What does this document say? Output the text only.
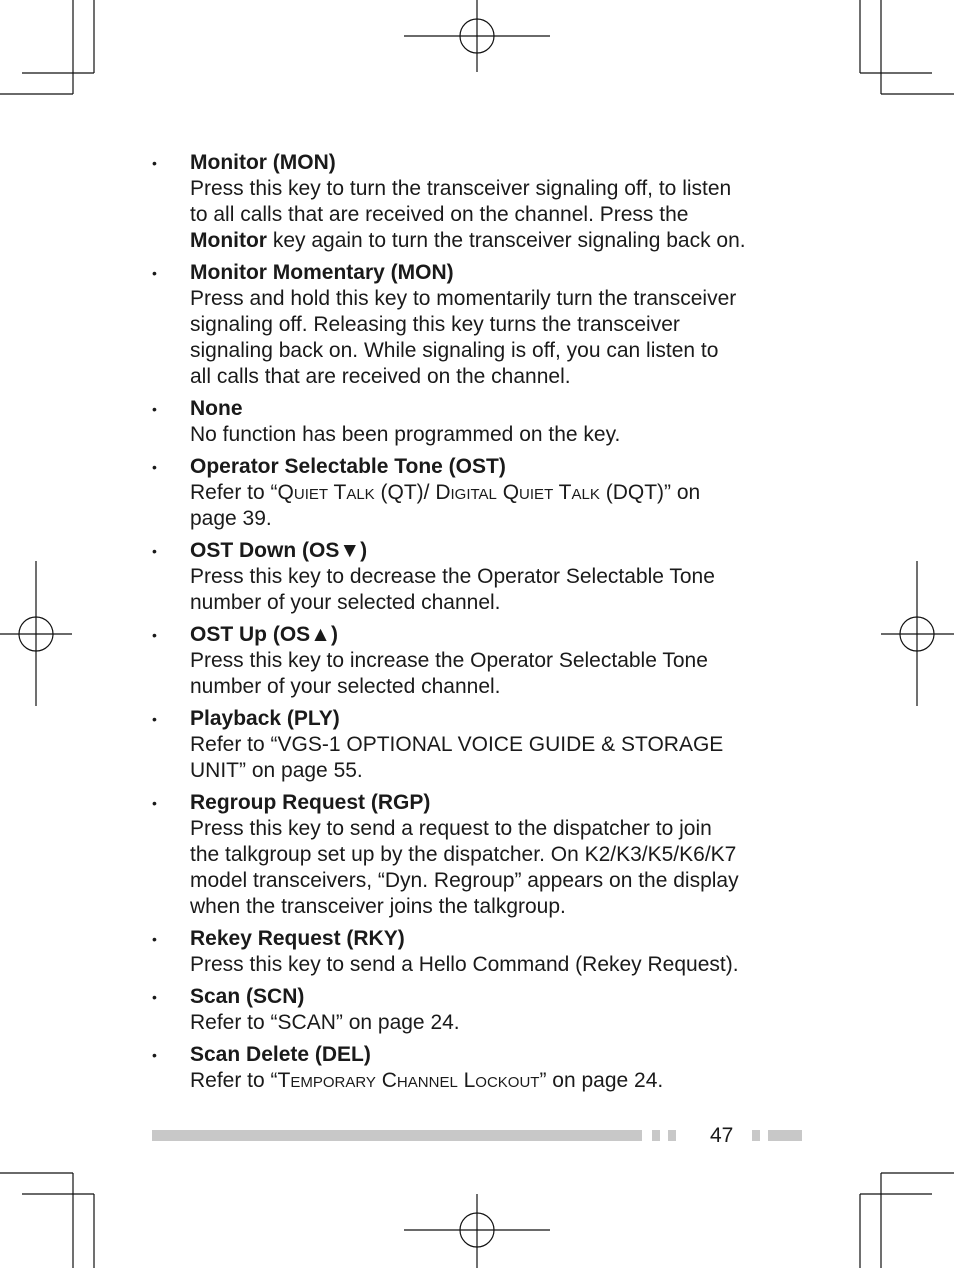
• Monitor (MON)

Press this key to turn the transceiver signaling off, to listen
to all calls that are received on the channel. Press the
Monitor key again to turn the transceiver signaling back on.

• Monitor Momentary (MON)

Press and hold this key to momentarily turn the transceiver
signaling off. Releasing this key turns the transceiver
signaling back on. While signaling is off, you can listen to
all calls that are received on the channel.

• None

No function has been programmed on the key.

• Operator Selectable Tone (OST)

Refer to “Quiet Talk (QT)/ Digital Quiet Talk (DQT)” on
page 39.

• OST Down (OS▼)

Press this key to decrease the Operator Selectable Tone
number of your selected channel.

• OST Up (OS▲)

Press this key to increase the Operator Selectable Tone
number of your selected channel.

• Playback (PLY)

Refer to “VGS-1 OPTIONAL VOICE GUIDE & STORAGE
UNIT” on page 55.

• Regroup Request (RGP)

Press this key to send a request to the dispatcher to join
the talkgroup set up by the dispatcher. On K2/K3/K5/K6/K7
model transceivers, “Dyn. Regroup” appears on the display
when the transceiver joins the talkgroup.

• Rekey Request (RKY)

Press this key to send a Hello Command (Rekey Request).

• Scan (SCN)

Refer to “SCAN” on page 24.

• Scan Delete (DEL)

Refer to “Temporary Channel Lockout” on page 24.

47
